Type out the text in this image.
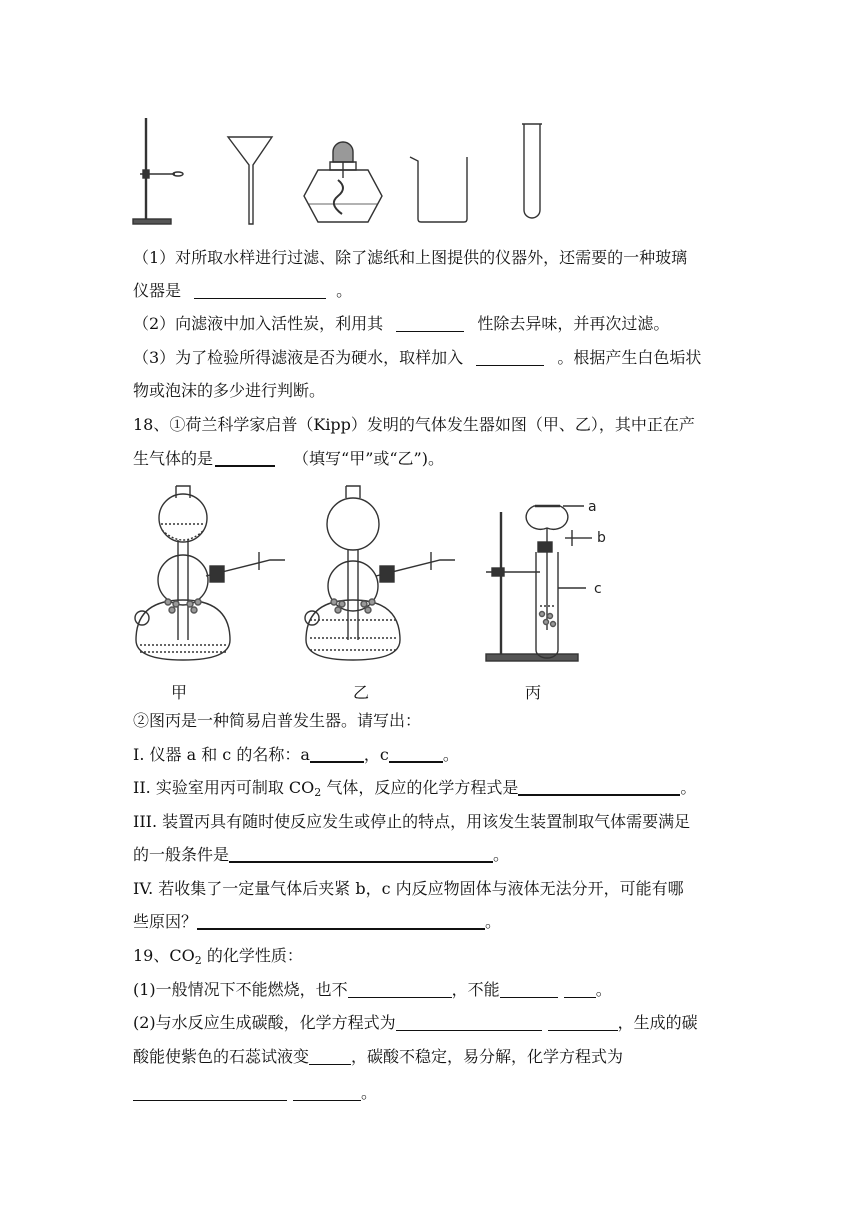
（1）对所取水样进行过滤、除了滤纸和上图提供的仪器外，还需要的一种玻璃
仪器是	。
（2）向滤液中加入活性炭，利用其	性除去异味，并再次过滤。
（3）为了检验所得滤液是否为硬水，取样加入	。根据产生白色垢状
物或泡沫的多少进行判断。
18、①荷兰科学家启普（Kipp）发明的气体发生器如图（甲、乙），其中正在产
生气体的是	（填写“甲”或“乙”)。
a
b
c
甲	乙	丙
②图丙是一种简易启普发生器。请写出：
I. 仪器 a 和 c 的名称：a	，c	。
II. 实验室用丙可制取 $CO_2$ 气体，反应的化学方程式是	。
III. 装置丙具有随时使反应发生或停止的特点，用该发生装置制取气体需要满足
的一般条件是	。
IV. 若收集了一定量气体后夹紧 b，c 内反应物固体与液体无法分开，可能有哪
些原因？	。
19、$CO_2$ 的化学性质：
(1)一般情况下不能燃烧，也不	，不能	。
(2)与水反应生成碳酸，化学方程式为	，生成的碳
酸能使紫色的石蕊试液变	，碳酸不稳定，易分解，化学方程式为
。
